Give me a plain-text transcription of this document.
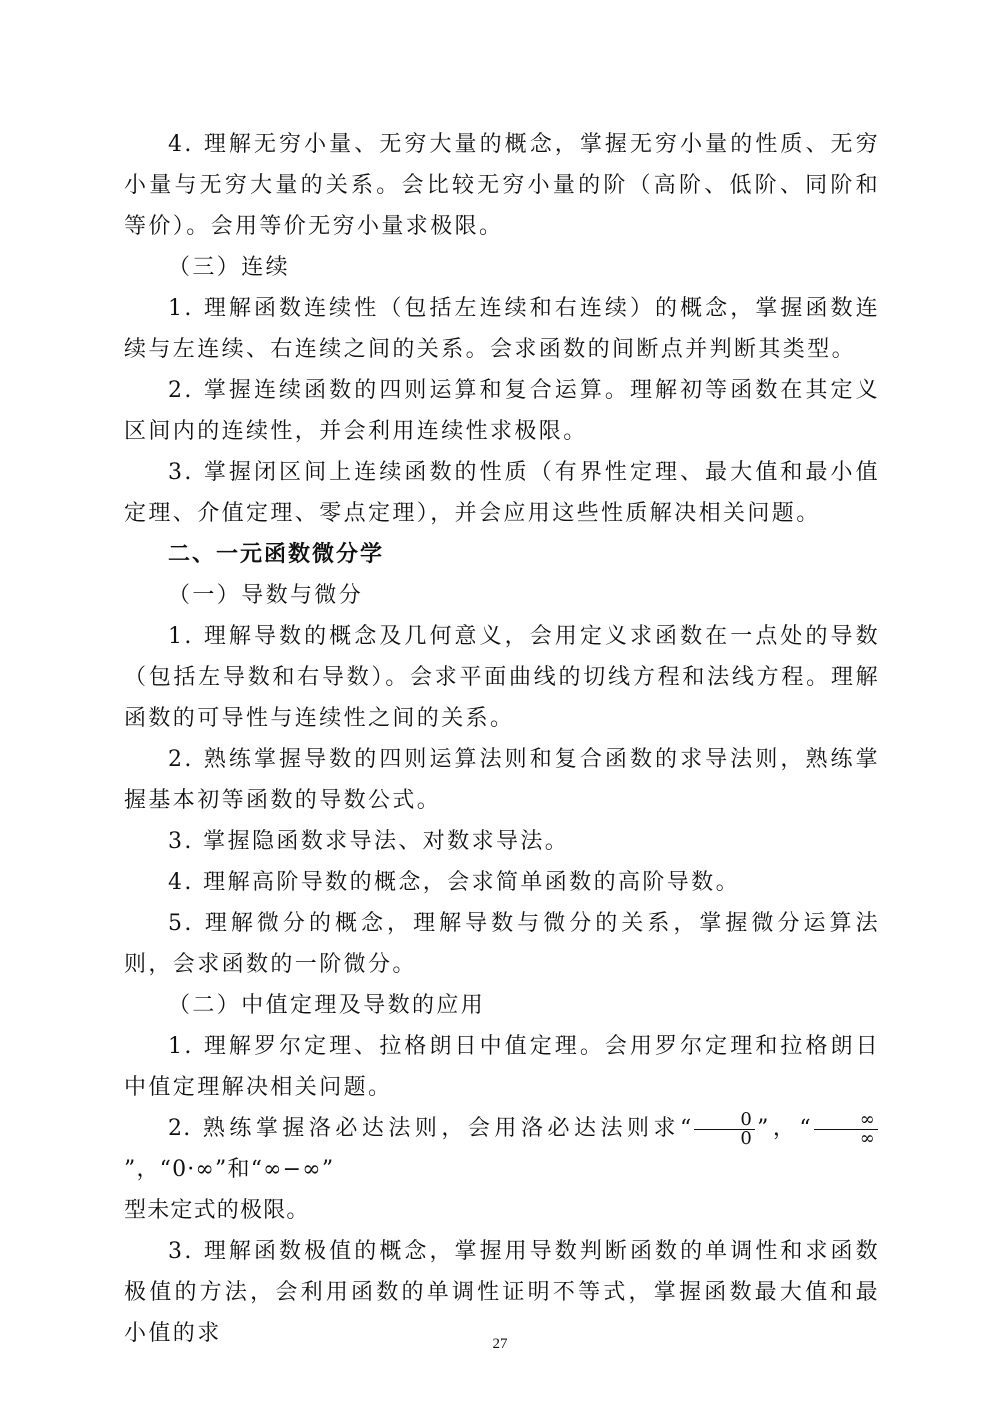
4. 理解无穷小量、无穷大量的概念，掌握无穷小量的性质、无穷小量与无穷大量的关系。会比较无穷小量的阶（高阶、低阶、同阶和等价）。会用等价无穷小量求极限。

（三）连续

1. 理解函数连续性（包括左连续和右连续）的概念，掌握函数连续与左连续、右连续之间的关系。会求函数的间断点并判断其类型。

2. 掌握连续函数的四则运算和复合运算。理解初等函数在其定义区间内的连续性，并会利用连续性求极限。

3. 掌握闭区间上连续函数的性质（有界性定理、最大值和最小值定理、介值定理、零点定理），并会应用这些性质解决相关问题。

二、一元函数微分学

（一）导数与微分

1. 理解导数的概念及几何意义，会用定义求函数在一点处的导数（包括左导数和右导数）。会求平面曲线的切线方程和法线方程。理解函数的可导性与连续性之间的关系。

2. 熟练掌握导数的四则运算法则和复合函数的求导法则，熟练掌握基本初等函数的导数公式。

3. 掌握隐函数求导法、对数求导法。

4. 理解高阶导数的概念，会求简单函数的高阶导数。

5. 理解微分的概念，理解导数与微分的关系，掌握微分运算法则，会求函数的一阶微分。

（二）中值定理及导数的应用

1. 理解罗尔定理、拉格朗日中值定理。会用罗尔定理和拉格朗日中值定理解决相关问题。

2. 熟练掌握洛必达法则，会用洛必达法则求“ $\frac{0}{0}$ ”，“ $\frac{\infty}{\infty}$
”，“0·∞”和“∞−∞”
型未定式的极限。

3. 理解函数极值的概念，掌握用导数判断函数的单调性和求函数极值的方法，会利用函数的单调性证明不等式，掌握函数最大值和最小值的求	27
